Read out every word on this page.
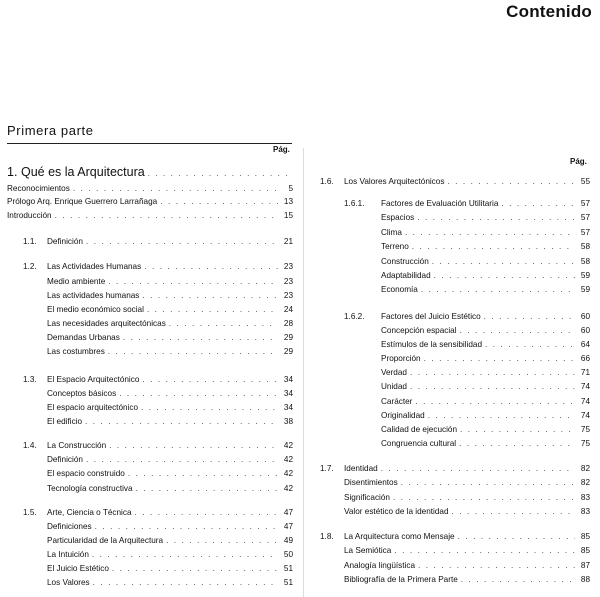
Contenido
Primera parte
Pág.
Pág.
1. Qué es la Arquitectura
. . .
Reconocimientos . . .	5
Prólogo Arq. Enrique Guerrero Larrañaga . . .	13
Introducción . . .	15
1.1.	Definición . . .	21
1.2.	Las Actividades Humanas . . .	23
Medio ambiente . . .	23
Las actividades humanas . . .	23
El medio económico social . . .	24
Las necesidades arquitectónicas . . .	28
Demandas Urbanas . . .	29
Las costumbres . . .	29
1.3.	El Espacio Arquitectónico . . .	34
Conceptos básicos . . .	34
El espacio arquitectónico . . .	34
El edificio . . .	38
1.4.	La Construcción . . .	42
Definición . . .	42
El espacio construido . . .	42
Tecnología constructiva . . .	42
1.5.	Arte, Ciencia o Técnica . . .	47
Definiciones . . .	47
Particularidad de la Arquitectura . . .	49
La Intuición . . .	50
El Juicio Estético . . .	51
Los Valores . . .	51
1.6.	Los Valores Arquitectónicos . . .	55
1.6.1.	Factores de Evaluación Utilitaria . . .	57
Espacios . . .	57
Clima . . .	57
Terreno . . .	58
Construcción . . .	58
Adaptabilidad . . .	59
Economía . . .	59
1.6.2.	Factores del Juicio Estético . . .	60
Concepción espacial . . .	60
Estímulos de la sensibilidad . . .	64
Proporción . . .	66
Verdad . . .	71
Unidad . . .	74
Carácter . . .	74
Originalidad . . .	74
Calidad de ejecución . . .	75
Congruencia cultural . . .	75
1.7.	Identidad . . .	82
Disentimientos . . .	82
Significación . . .	83
Valor estético de la identidad . . .	83
1.8.	La Arquitectura como Mensaje . . .	85
La Semiótica . . .	85
Analogía lingüística . . .	87
Bibliografía de la Primera Parte . . .	88
